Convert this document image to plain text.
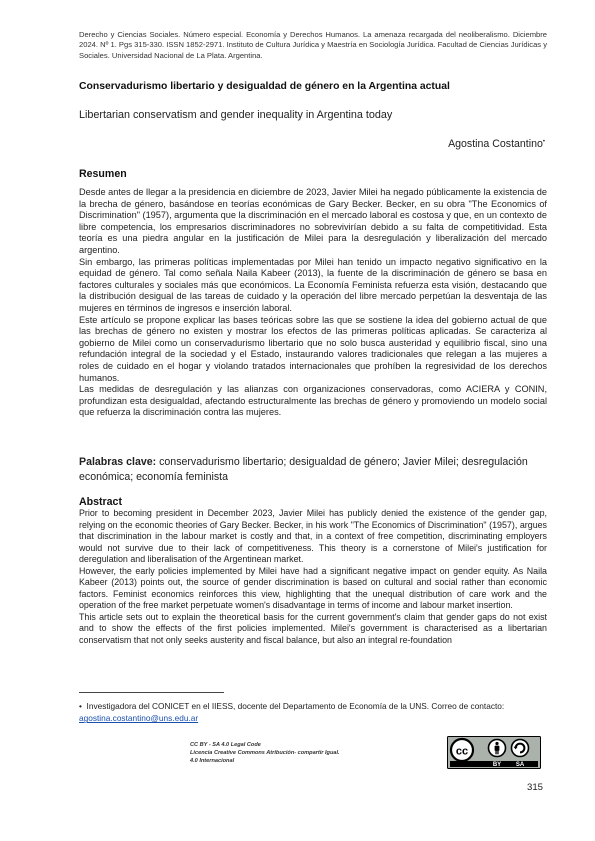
Derecho y Ciencias Sociales. Número especial. Economía y Derechos Humanos. La amenaza recargada del neoliberalismo. Diciembre 2024. Nº 1. Pgs 315-330. ISSN 1852-2971. Instituto de Cultura Jurídica y Maestría en Sociología Jurídica. Facultad de Ciencias Jurídicas y Sociales. Universidad Nacional de La Plata. Argentina.
Conservadurismo libertario y desigualdad de género en la Argentina actual
Libertarian conservatism and gender inequality in Argentina today
Agostina Costantino•
Resumen

Desde antes de llegar a la presidencia en diciembre de 2023, Javier Milei ha negado públicamente la existencia de la brecha de género, basándose en teorías económicas de Gary Becker. Becker, en su obra "The Economics of Discrimination" (1957), argumenta que la discriminación en el mercado laboral es costosa y que, en un contexto de libre competencia, los empresarios discriminadores no sobrevivirían debido a su falta de competitividad. Esta teoría es una piedra angular en la justificación de Milei para la desregulación y liberalización del mercado argentino.

Sin embargo, las primeras políticas implementadas por Milei han tenido un impacto negativo significativo en la equidad de género. Tal como señala Naila Kabeer (2013), la fuente de la discriminación de género se basa en factores culturales y sociales más que económicos. La Economía Feminista refuerza esta visión, destacando que la distribución desigual de las tareas de cuidado y la operación del libre mercado perpetúan la desventaja de las mujeres en términos de ingresos e inserción laboral.

Este artículo se propone explicar las bases teóricas sobre las que se sostiene la idea del gobierno actual de que las brechas de género no existen y mostrar los efectos de las primeras políticas aplicadas. Se caracteriza al gobierno de Milei como un conservadurismo libertario que no solo busca austeridad y equilibrio fiscal, sino una refundación integral de la sociedad y el Estado, instaurando valores tradicionales que relegan a las mujeres a roles de cuidado en el hogar y violando tratados internacionales que prohíben la regresividad de los derechos humanos.

Las medidas de desregulación y las alianzas con organizaciones conservadoras, como ACIERA y CONIN, profundizan esta desigualdad, afectando estructuralmente las brechas de género y promoviendo un modelo social que refuerza la discriminación contra las mujeres.

Palabras clave: conservadurismo libertario; desigualdad de género; Javier Milei; desregulación económica; economía feminista
Abstract

Prior to becoming president in December 2023, Javier Milei has publicly denied the existence of the gender gap, relying on the economic theories of Gary Becker. Becker, in his work "The Economics of Discrimination" (1957), argues that discrimination in the labour market is costly and that, in a context of free competition, discriminating employers would not survive due to their lack of competitiveness. This theory is a cornerstone of Milei's justification for deregulation and liberalisation of the Argentinean market.

However, the early policies implemented by Milei have had a significant negative impact on gender equity. As Naila Kabeer (2013) points out, the source of gender discrimination is based on cultural and social rather than economic factors. Feminist economics reinforces this view, highlighting that the unequal distribution of care work and the operation of the free market perpetuate women's disadvantage in terms of income and labour market insertion.

This article sets out to explain the theoretical basis for the current government's claim that gender gaps do not exist and to show the effects of the first policies implemented. Milei's government is characterised as a libertarian conservatism that not only seeks austerity and fiscal balance, but also an integral re-foundation

• Investigadora del CONICET en el IIESS, docente del Departamento de Economía de la UNS. Correo de contacto:
agostina.costantino@uns.edu.ar
CC BY - SA 4.0 Legal Code
Licencia Creative Commons Atribución- compartir Igual.
4.0 Internacional
cc
BY SA
315
